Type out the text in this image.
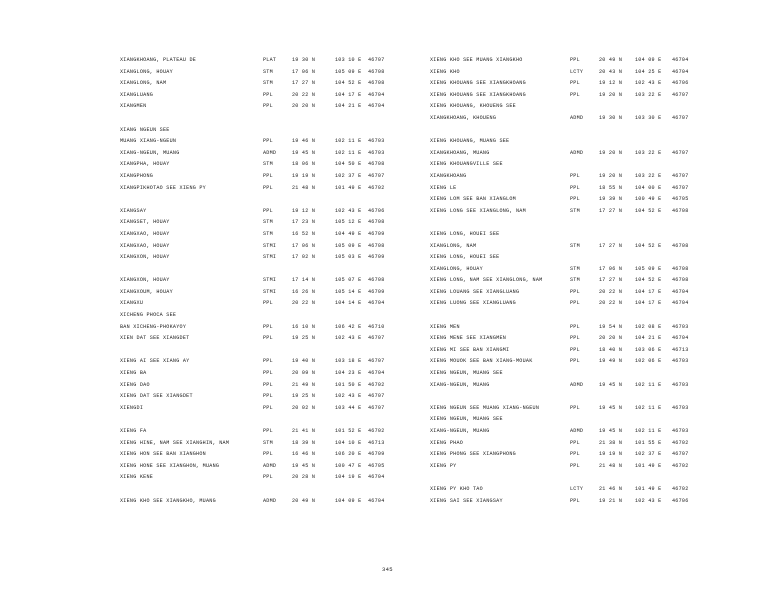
XIANGKHOANG, PLATEAU DE	PLAT	19 30 N	103 10 E 46707
XIANGLONG, HOUAY	STM	17 06 N	105 09 E 46708
XIANGLONG, NAM	STM	17 27 N	104 52 E 46708
XIANGLUANG	PPL	20 22 N	104 17 E 46704
XIANGMEN	PPL	20 20 N	104 21 E 46704
XIANG NGEUN SEE
MUANG XIANG-NGEUN	PPL	19 46 N	102 11 E 46703
XIANG-NGEUN, MUANG	ADMD	19 45 N	102 11 E 46703
XIANGPHA, HOUAY	STM	18 06 N	104 50 E 46708
XIANGPHONG	PPL	19 19 N	102 37 E 46707
XIANGPIKHOTAO SEE XIENG PY	PPL	21 48 N	101 49 E 46702
XIANGSAY	PPL	19 12 N	102 43 E 46706
XIANGSET, HOUAY	STM	17 23 N	105 12 E 46708
XIANGXAO, HOUAY	STM	16 52 N	104 49 E 46709
XIANGXAO, HOUAY	STMI	17 06 N	105 09 E 46708
XIANGXON, HOUAY	STMI	17 02 N	105 03 E 46709
XIANGXON, HOUAY	STMI	17 14 N	105 07 E 46708
XIANGXOUM, HOUAY	STMI	16 26 N	105 14 E 46709
XIANGXU	PPL	20 22 N	104 14 E 46704
XICHENG PHOCA SEE
BAN XICHENG-PHOKAYOY	PPL	16 10 N	106 42 E 46710
XIEN DAT SEE XIANGDET	PPL	19 25 N	102 43 E 46707
XIENG AI SEE XIANG AY	PPL	19 40 N	103 18 E 46707
XIENG BA	PPL	20 09 N	104 23 E 46704
XIENG DAO	PPL	21 49 N	101 50 E 46702
XIENG DAT SEE XIANGDET	PPL	19 25 N	102 43 E 46707
XIENGDI	PPL	20 02 N	103 44 E 46707
XIENG FA	PPL	21 41 N	101 52 E 46702
XIENG HINE, NAM SEE XIANGHIN, NAM	STM	18 39 N	104 10 E 46713
XIENG HON SEE BAN XIANGHON	PPL	16 46 N	106 20 E 46709
XIENG HONE SEE XIANGHON, MUANG	ADMD	19 45 N	100 47 E 46705
XIENG KENE	PPL	20 28 N	104 19 E 46704
XIENG KHO SEE XIANGKHO, MUANG	ADMD	20 49 N	104 09 E 46704
XIENG KHO SEE MUANG XIANGKHO	PPL	20 49 N	104 09 E 46704
XIENG KHO	LCTY	20 43 N	104 25 E 46704
XIENG KHOUANG SEE XIANGKHOANG	PPL	19 12 N	102 43 E 46706
XIENG KHOUANG SEE XIANGKHOANG	PPL	19 20 N	103 22 E 46707
XIENG KHOUANG, KHOUENG SEE
XIANGKHOANG, KHOUENG	ADMD	19 30 N	103 30 E 46707
XIENG KHOUANG, MUANG SEE
XIANGKHOANG, MUANG	ADMD	19 20 N	103 22 E 46707
XIENG KHOUANGVILLE SEE
XIANGKHOANG	PPL	19 20 N	103 22 E 46707
XIENG LE	PPL	18 55 N	104 00 E 46707
XIENG LOM SEE BAN XIANGLOM	PPL	19 39 N	100 49 E 46705
XIENG LONG SEE XIANGLONG, NAM	STM	17 27 N	104 52 E 46708
XIENG LONG, HOUEI SEE
XIANGLONG, NAM	STM	17 27 N	104 52 E 46708
XIENG LONG, HOUEI SEE
XIANGLONG, HOUAY	STM	17 06 N	105 09 E 46708
XIENG LONG, NAM SEE XIANGLONG, NAM	STM	17 27 N	104 52 E 46708
XIENG LOUANG SEE XIANGLUANG	PPL	20 22 N	104 17 E 46704
XIENG LUONG SEE XIANGLUANG	PPL	20 22 N	104 17 E 46704
XIENG MEN	PPL	19 54 N	102 08 E 46703
XIENG MENE SEE XIANGMEN	PPL	20 20 N	104 21 E 46704
XIENG MI SEE BAN XIANGMI	PPL	18 40 N	103 06 E 46713
XIENG MOUOK SEE BAN XIANG-MOUAK	PPL	19 49 N	102 06 E 46703
XIENG NGEUN, MUANG SEE
XIANG-NGEUN, MUANG	ADMD	19 45 N	102 11 E 46703
XIENG NGEUN SEE MUANG XIANG-NGEUN	PPL	19 45 N	102 11 E 46703
XIENG NGEUN, MUANG SEE
XIANG-NGEUN, MUANG	ADMD	19 45 N	102 11 E 46703
XIENG PHAO	PPL	21 38 N	101 55 E 46702
XIENG PHONG SEE XIANGPHONG	PPL	19 19 N	102 37 E 46707
XIENG PY	PPL	21 48 N	101 49 E 46702
XIENG PY KHO TAO	LCTY	21 46 N	101 49 E 46702
XIENG SAI SEE XIANGSAY	PPL	19 21 N	102 43 E 46706
345
